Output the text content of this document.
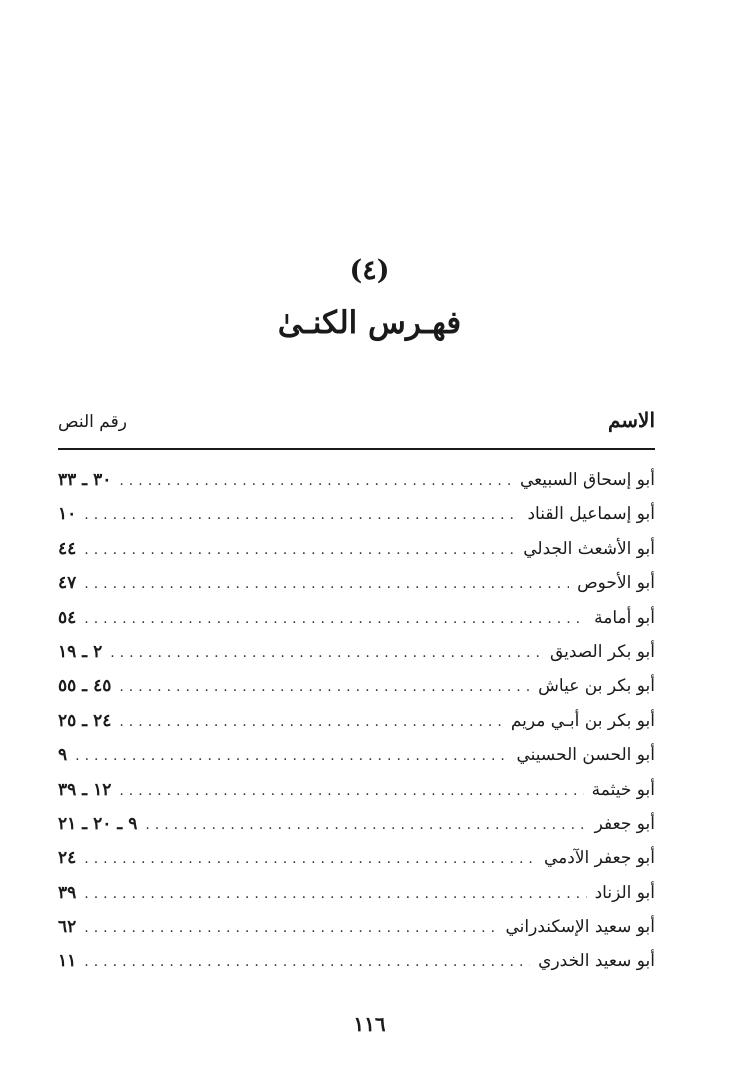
(٤)
فهـرس الكنـىٰ
الاسم
رقم النص
أبو إسحاق السبيعي
.....
٣٠ ـ ٣٣
أبو إسماعيل القناد
.....
١٠
أبو الأشعث الجدلي
.....
٤٤
أبو الأحوص
.....
٤٧
أبو أمامة
.....
٥٤
أبو بكر الصديق
.....
٢ ـ ١٩
أبو بكر بن عياش
.....
٤٥ ـ ٥٥
أبو بكر بن أبـي مريم
.....
٢٤ ـ ٢٥
أبو الحسن الحسيني
.....
٩
أبو خيثمة
.....
١٢ ـ ٣٩
أبو جعفر
.....
٩ ـ ٢٠ ـ ٢١
أبو جعفر الآدمي
.....
٢٤
أبو الزناد
.....
٣٩
أبو سعيد الإسكندراني
.....
٦٢
أبو سعيد الخدري
.....
١١
١١٦
